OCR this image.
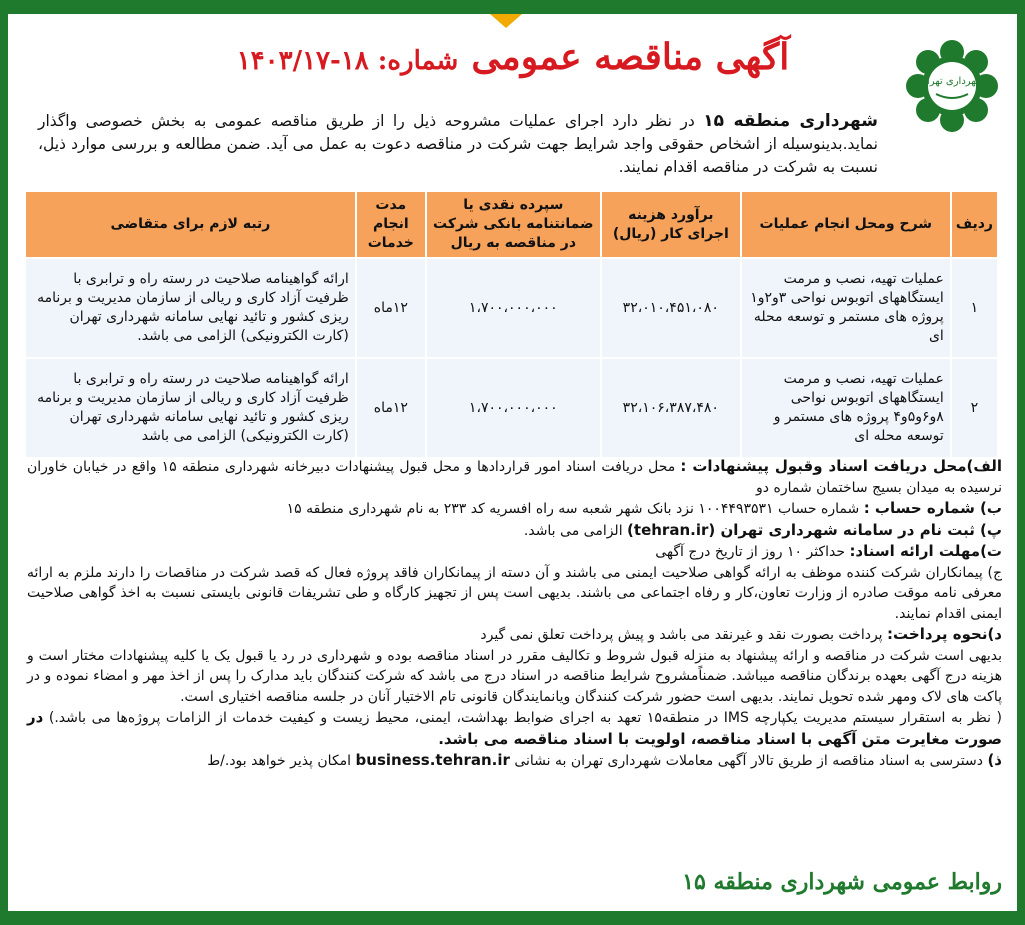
شهرداری تهران
آگهی مناقصه عمومی شماره: ۱۸-۱۴۰۳/۱۷
شهرداری منطقه ۱۵ در نظر دارد اجرای عملیات مشروحه ذیل را از طریق مناقصه عمومی به بخش خصوصی واگذار نماید.بدینوسیله از اشخاص حقوقی واجد شرایط جهت شرکت در مناقصه دعوت به عمل می آید. ضمن مطالعه و بررسی موارد ذیل، نسبت به شرکت در مناقصه اقدام نمایند.
ردیف	شرح ومحل انجام عملیات	برآورد هزینه اجرای کار (ریال)	سپرده نقدی یا ضمانتنامه بانکی شرکت در مناقصه به ریال	مدت انجام خدمات	رتبه لازم برای متقاضی
۱	عملیات تهیه، نصب و مرمت ایستگاههای اتوبوس نواحی ۳و۲و۱ پروژه های مستمر و توسعه محله ای	۳۲،۰۱۰،۴۵۱،۰۸۰	۱،۷۰۰،۰۰۰،۰۰۰	۱۲ماه	ارائه گواهینامه صلاحیت در رسته راه و ترابری با ظرفیت آزاد کاری و ریالی از سازمان مدیریت و برنامه ریزی کشور و تائید نهایی سامانه شهرداری تهران (کارت الکترونیکی) الزامی می باشد.
۲	عملیات تهیه، نصب و مرمت ایستگاههای اتوبوس نواحی ۸و۶و۵و۴ پروژه های مستمر و توسعه محله ای	۳۲،۱۰۶،۳۸۷،۴۸۰	۱،۷۰۰،۰۰۰،۰۰۰	۱۲ماه	ارائه گواهینامه صلاحیت در رسته راه و ترابری با ظرفیت آزاد کاری و ریالی از سازمان مدیریت و برنامه ریزی کشور و تائید نهایی سامانه شهرداری تهران (کارت الکترونیکی) الزامی می باشد

الف)محل دریافت اسناد وقبول پیشنهادات : محل دریافت اسناد امور قراردادها و محل قبول پیشنهادات دبیرخانه شهرداری منطقه ۱۵ واقع در خیابان خاوران نرسیده به میدان بسیج ساختمان شماره دو

ب) شماره حساب : شماره حساب ۱۰۰۴۴۹۳۵۳۱ نزد بانک شهر شعبه سه راه افسریه کد ۲۳۳ به نام شهرداری منطقه ۱۵

پ) ثبت نام در سامانه شهرداری تهران (tehran.ir) الزامی می باشد.

ت)مهلت ارائه اسناد: حداکثر ۱۰ روز از تاریخ درج آگهی

ج) پیمانکاران شرکت کننده موظف به ارائه گواهی صلاحیت ایمنی می باشند و آن دسته از پیمانکاران فاقد پروژه فعال که قصد شرکت در مناقصات را دارند ملزم به ارائه معرفی نامه موقت صادره از وزارت تعاون،کار و رفاه اجتماعی می باشند. بدیهی است پس از تجهیز کارگاه و طی تشریفات قانونی بایستی نسبت به اخذ گواهی صلاحیت ایمنی اقدام نمایند.

د)نحوه پرداخت: پرداخت بصورت نقد و غیرنقد می باشد و پیش پرداخت تعلق نمی گیرد

بدیهی است شرکت در مناقصه و ارائه پیشنهاد به منزله قبول شروط و تکالیف مقرر در اسناد مناقصه بوده و شهرداری در رد یا قبول یک یا کلیه پیشنهادات مختار است و هزینه درج آگهی بعهده برندگان مناقصه میباشد. ضمناًمشروح شرایط مناقصه در اسناد درج می باشد که شرکت کنندگان باید مدارک را پس از اخذ مهر و امضاء نموده و در پاکت های لاک ومهر شده تحویل نمایند. بدیهی است حضور شرکت کنندگان ویانمایندگان قانونی تام الاختیار آنان در جلسه مناقصه اختیاری است.

( نظر به استقرار سیستم مدیریت یکپارچه IMS در منطقه۱۵ تعهد به اجرای ضوابط بهداشت، ایمنی، محیط زیست و کیفیت خدمات از الزامات پروژه‌ها می باشد.) در صورت مغایرت متن آگهی با اسناد مناقصه، اولویت با اسناد مناقصه می باشد.

ذ) دسترسی به اسناد مناقصه از طریق تالار آگهی معاملات شهرداری تهران به نشانی business.tehran.ir امکان پذیر خواهد بود./ط

روابط عمومی شهرداری منطقه ۱۵
